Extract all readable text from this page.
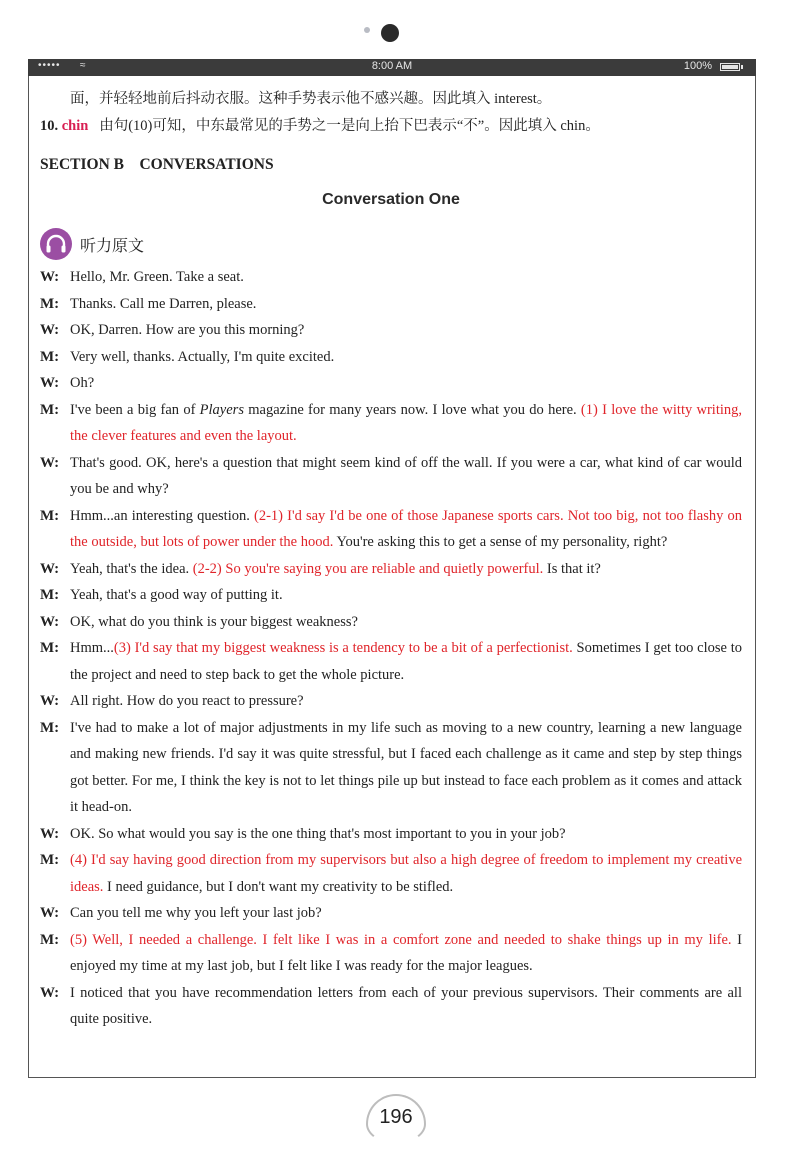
••••• ≈	8:00 AM	100%

面，并轻轻地前后抖动衣服。这种手势表示他不感兴趣。因此填入 interest。

10. chin 由句(10)可知，中东最常见的手势之一是向上抬下巴表示“不”。因此填入 chin。

SECTION B    CONVERSATIONS
Conversation One
听力原文
W: Hello, Mr. Green. Take a seat.
M: Thanks. Call me Darren, please.
W: OK, Darren. How are you this morning?
M: Very well, thanks. Actually, I'm quite excited.
W: Oh?
M: I've been a big fan of Players magazine for many years now. I love what you do here. (1) I love the witty writing, the clever features and even the layout.
W: That's good. OK, here's a question that might seem kind of off the wall. If you were a car, what kind of car would you be and why?
M: Hmm...an interesting question. (2-1) I'd say I'd be one of those Japanese sports cars. Not too big, not too flashy on the outside, but lots of power under the hood. You're asking this to get a sense of my personality, right?
W: Yeah, that's the idea. (2-2) So you're saying you are reliable and quietly powerful. Is that it?
M: Yeah, that's a good way of putting it.
W: OK, what do you think is your biggest weakness?
M: Hmm...(3) I'd say that my biggest weakness is a tendency to be a bit of a perfectionist. Sometimes I get too close to the project and need to step back to get the whole picture.
W: All right. How do you react to pressure?
M: I've had to make a lot of major adjustments in my life such as moving to a new country, learning a new language and making new friends. I'd say it was quite stressful, but I faced each challenge as it came and step by step things got better. For me, I think the key is not to let things pile up but instead to face each problem as it comes and attack it head-on.
W: OK. So what would you say is the one thing that's most important to you in your job?
M: (4) I'd say having good direction from my supervisors but also a high degree of freedom to implement my creative ideas. I need guidance, but I don't want my creativity to be stifled.
W: Can you tell me why you left your last job?
M: (5) Well, I needed a challenge. I felt like I was in a comfort zone and needed to shake things up in my life. I enjoyed my time at my last job, but I felt like I was ready for the major leagues.
W: I noticed that you have recommendation letters from each of your previous supervisors. Their comments are all quite positive.
196
